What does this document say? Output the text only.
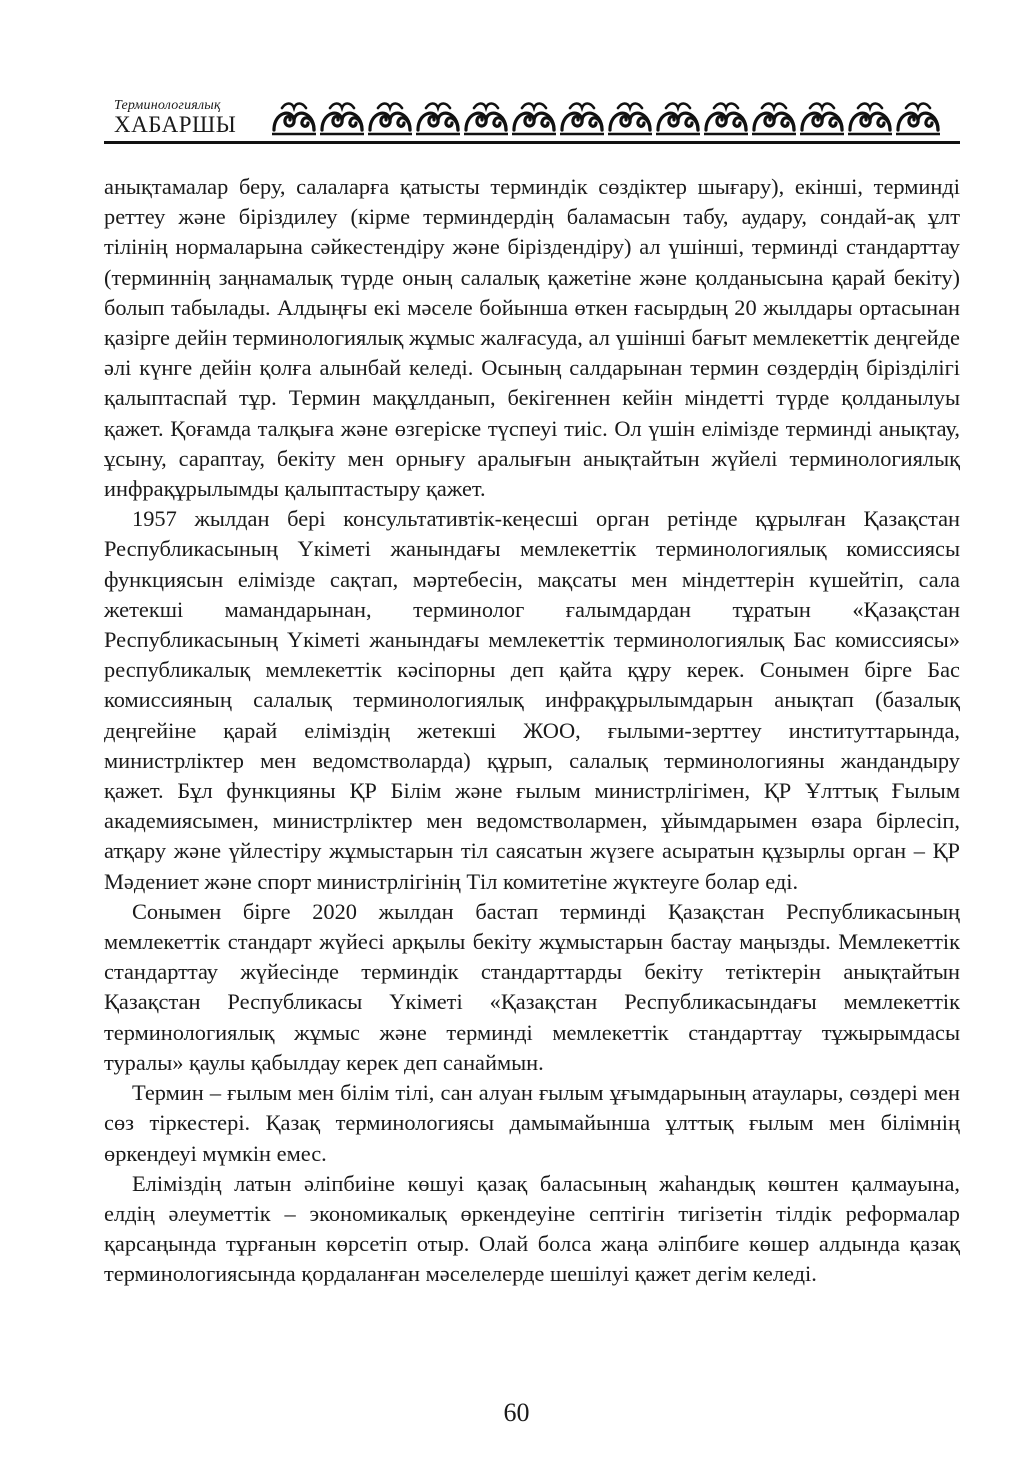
Терминологиялық
ХАБАРШЫ

анықтамалар беру, салаларға қатысты терминдік сөздіктер шығару), екінші, терминді реттеу және біріздилеу (кірме терминдердің баламасын табу, аудару, сондай-ақ ұлт тілінің нормаларына сәйкестендіру және біріздендіру) ал үшінші, терминді стандарттау (терминнің заңнамалық түрде оның салалық қажетіне және қолданысына қарай бекіту) болып табылады. Алдыңғы екі мәселе бойынша өткен ғасырдың 20 жылдары ортасынан қазірге дейін терминологиялық жұмыс жалғасуда, ал үшінші бағыт мемлекеттік деңгейде әлі күнге дейін қолға алынбай келеді. Осының салдарынан термин сөздердің біріздiлігі қалыптаспай тұр. Термин мақұлданып, бекігеннен кейін міндетті түрде қолданылуы қажет. Қоғамда талқыға және өзгеріске түспеуі тиіс. Ол үшін елімізде терминді анықтау, ұсыну, сараптау, бекіту мен орнығу аралығын анықтайтын жүйелі терминологиялық инфрақұрылымды қалыптастыру қажет.

1957 жылдан бері консультативтік-кеңесші орган ретінде құрылған Қазақстан Республикасының Үкіметі жанындағы мемлекеттік терминологиялық комиссиясы функциясын елімізде сақтап, мәртебесін, мақсаты мен міндеттерін күшейтіп, сала жетекші мамандарынан, терминолог ғалымдардан тұратын «Қазақстан Республикасының Үкіметі жанындағы мемлекеттік терминологиялық Бас комиссиясы» республикалық мемлекеттік кәсіпорны деп қайта құру керек. Сонымен бірге Бас комиссияның салалық терминологиялық инфрақұрылымдарын анықтап (базалық деңгейіне қарай еліміздің жетекші ЖОО, ғылыми-зерттеу институттарында, министрліктер мен ведомстволарда) құрып, салалық терминологияны жандандыру қажет. Бұл функцияны ҚР Білім және ғылым министрлігімен, ҚР Ұлттық Ғылым академиясымен, министрліктер мен ведомстволармен, ұйымдарымен өзара бірлесіп, атқару және үйлестіру жұмыстарын тіл саясатын жүзеге асыратын құзырлы орган – ҚР Мәдениет және спорт министрлігінің Тіл комитетіне жүктеуге болар еді.

Сонымен бірге 2020 жылдан бастап терминді Қазақстан Республикасының мемлекеттік стандарт жүйесі арқылы бекіту жұмыстарын бастау маңызды. Мемлекеттік стандарттау жүйесінде терминдік стандарттарды бекіту тетіктерін анықтайтын Қазақстан Республикасы Үкіметі «Қазақстан Республикасындағы мемлекеттік терминологиялық жұмыс және терминді мемлекеттік стандарттау тұжырымдасы туралы» қаулы қабылдау керек деп санаймын.

Термин – ғылым мен білім тілі, сан алуан ғылым ұғымдарының атаулары, сөздері мен сөз тіркестері. Қазақ терминологиясы дамымайынша ұлттық ғылым мен білімнің өркендеуі мүмкін емес.

Еліміздің латын әліпбиіне көшуі қазақ баласының жаһандық көштен қалмауына, елдің әлеуметтік – экономикалық өркендеуіне септігін тигізетін тілдік реформалар қарсаңында тұрғанын көрсетіп отыр. Олай болса жаңа әліпбиге көшер алдында қазақ терминологиясында қордаланған мәселелерде шешілуі қажет дегім келеді.

60
